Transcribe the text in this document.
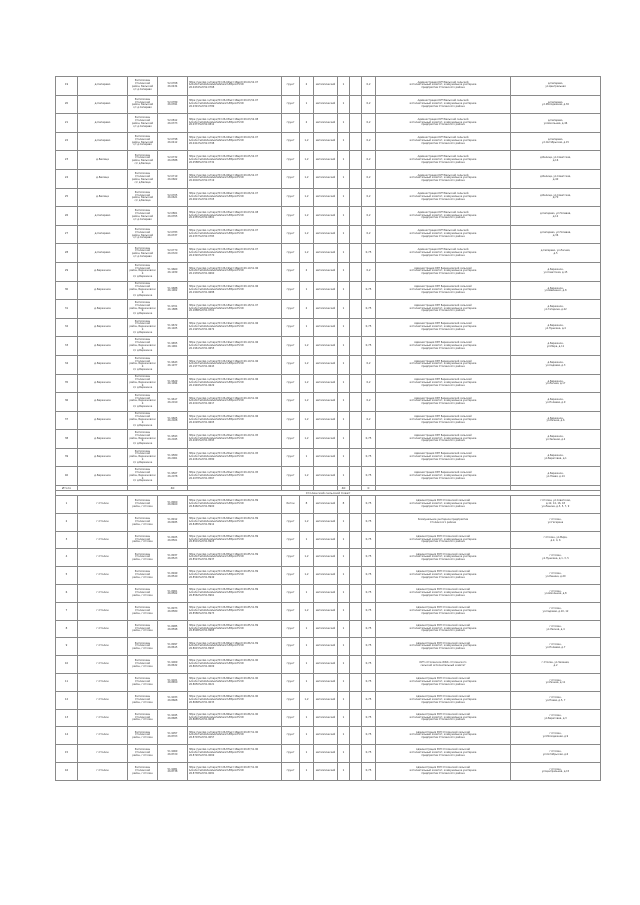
19	д.Сепарево	Расположен
Столинский
район, Бельский
с/с д.Сепарево	52.0768
26.0434	https://yandex.ru/maps/?ll=26.04&z=16&pt=26.04,52.07
&mode=whatshere&whatshere%5Bpoint%5D
26.0434%2C52.0768	грунт	2	металлический	1		0,2	Администрация КУП Бельский сельский
исполнительный комитет, коммунальное унитарное
предприятие Столинского района	д.Сепарево,
ул.Центральная
20	д.Сепарево	Расположен
Столинский
район, Бельский
с/с д.Сепарево	52.0789
26.0391	https://yandex.ru/maps/?ll=26.03&z=16&pt=26.03,52.07
&mode=whatshere&whatshere%5Bpoint%5D
26.0391%2C52.0789	грунт	1	металлический	1		0,2	Администрация КУП Бельский сельский
исполнительный комитет, коммунальное унитарное
предприятие Столинского района	д.Сепарево,
ул.Молодежная, д.30
21	д.Сепарево	Расположен
Столинский
район, Бельский
с/с д.Сепарево	52.0812
26.0373	https://yandex.ru/maps/?ll=26.03&z=16&pt=26.03,52.08
&mode=whatshere&whatshere%5Bpoint%5D
26.0373%2C52.0812	грунт	2	металлический	1		0,2	Администрация КУП Бельский сельский
исполнительный комитет, коммунальное унитарное
предприятие Столинского района	д.Сепарево,
ул.Школьная, д.46
22	д.Сепарево	Расположен
Столинский
район, Бельский
с/с д.Сепарево	52.0798
26.0412	https://yandex.ru/maps/?ll=26.04&z=16&pt=26.04,52.07
&mode=whatshere&whatshere%5Bpoint%5D
26.0412%2C52.0798	грунт	1,2	металлический	1		0,2	Администрация КУП Бельский сельский
исполнительный комитет, коммунальное унитарное
предприятие Столинского района	д.Сепарево,
ул.Октябрьская, д.15
23	д.Белица	Расположен
Столинский
район, Бельский
с/с д.Белица	52.0732
26.0588	https://yandex.ru/maps/?ll=26.05&z=16&pt=26.05,52.07
&mode=whatshere&whatshere%5Bpoint%5D
26.0588%2C52.0732	грунт	1,2	металлический	1		0,2	Администрация КУП Бельский сельский
исполнительный комитет, коммунальное унитарное
предприятие Столинского района	д.Белица, ул.Советская,
д.16
24	д.Белица	Расположен
Столинский
район, Бельский
с/с д.Белица	52.0719
26.0602	https://yandex.ru/maps/?ll=26.06&z=16&pt=26.06,52.07
&mode=whatshere&whatshere%5Bpoint%5D
26.0602%2C52.0719	грунт	1,2	металлический	1		0,2	Администрация КУП Бельский сельский
исполнительный комитет, коммунальное унитарное
предприятие Столинского района	д.Белица, ул.Советская,
д.40
25	д.Белица	Расположен
Столинский
район, Бельский
с/с д.Белица	52.0705
26.0621	https://yandex.ru/maps/?ll=26.06&z=16&pt=26.06,52.07
&mode=whatshere&whatshere%5Bpoint%5D
26.0621%2C52.0705	грунт	1,2	металлический	1		0,2	Администрация КУП Бельский сельский
исполнительный комитет, коммунальное унитарное
предприятие Столинского района	д.Белица, ул.Советская,
д.70
26	д.Сепарево	Расположен
Столинский
район, Бельский
с/с д.Сепарево	52.0801
26.0355	https://yandex.ru/maps/?ll=26.03&z=16&pt=26.03,52.08
&mode=whatshere&whatshere%5Bpoint%5D
26.0355%2C52.0801	грунт	1,2	металлический	1		0,2	Администрация КУП Бельский сельский
исполнительный комитет, коммунальное унитарное
предприятие Столинского района	д.Сепарево, ул.Полевая,
д.12
27	д.Сепарево	Расположен
Столинский
район, Бельский
с/с д.Сепарево	52.0783
26.0337	https://yandex.ru/maps/?ll=26.03&z=16&pt=26.03,52.07
&mode=whatshere&whatshere%5Bpoint%5D
26.0337%2C52.0783	грунт	1,2	металлический	1		0,2	Администрация КУП Бельский сельский
исполнительный комитет, коммунальное унитарное
предприятие Столинского района	д.Сепарево, ул.Полевая,
д.36
28	д.Сепарево	Расположен
Столинский
район, Бельский
с/с д.Сепарево	52.0770
26.0320	https://yandex.ru/maps/?ll=26.03&z=16&pt=26.03,52.07
&mode=whatshere&whatshere%5Bpoint%5D
26.0320%2C52.0770	грунт	1,2	металлический	1		0,75	Администрация КУП Бельский сельский
исполнительный комитет, коммунальное унитарное
предприятие Столинского района	д.Сепарево, ул.Лесная,
д.5
29	д.Бережное	Расположен
Столинский
район, Бережновский
с/с д.Бережное	51.9660
26.1939	https://yandex.ru/maps/?ll=26.19&z=16&pt=26.19,51.96
&mode=whatshere&whatshere%5Bpoint%5D
26.1939%2C51.9660	грунт	2	металлический	1		0,2	Администрация КУП Бережновский сельский
исполнительный комитет, коммунальное унитарное
предприятие Столинского района	д.Бережное,
ул.Советская, д.15
30	д.Бережное	Расположен
Столинский
район, Бережновский
с/с д.Бережное	51.9688
26.1902	https://yandex.ru/maps/?ll=26.19&z=16&pt=26.19,51.96
&mode=whatshere&whatshere%5Bpoint%5D
26.1902%2C51.9688	грунт	1	металлический	1		0,75	Администрация КУП Бережновский сельский
исполнительный комитет, коммунальное унитарное
предприятие Столинского района	д.Бережное,
ул.Шевченко, д.8
31	д.Бережное	Расположен
Столинский
район, Бережновский
с/с д.Бережное	51.9701
26.1888	https://yandex.ru/maps/?ll=26.18&z=16&pt=26.18,51.97
&mode=whatshere&whatshere%5Bpoint%5D
26.1888%2C51.9701	грунт	2	металлический	1		0,75	Администрация КУП Бережновский сельский
исполнительный комитет, коммунальное унитарное
предприятие Столинского района	д.Бережное,
ул.Гагарина, д.22
32	д.Бережное	Расположен
Столинский
район, Бережновский
с/с д.Бережное	51.9672
26.1925	https://yandex.ru/maps/?ll=26.19&z=16&pt=26.19,51.96
&mode=whatshere&whatshere%5Bpoint%5D
26.1925%2C51.9672	грунт	1	металлический	1		0,75	Администрация КУП Бережновский сельский
исполнительный комитет, коммунальное унитарное
предприятие Столинского района	д.Бережное,
ул.Пушкина, д.4
33	д.Бережное	Расположен
Столинский
район, Бережновский
с/с д.Бережное	51.9655
26.1961	https://yandex.ru/maps/?ll=26.19&z=16&pt=26.19,51.96
&mode=whatshere&whatshere%5Bpoint%5D
26.1961%2C51.9655	грунт	1,2	металлический	1		0,75	Администрация КУП Бережновский сельский
исполнительный комитет, коммунальное унитарное
предприятие Столинского района	д.Бережное,
ул.Мира, д.11
34	д.Бережное	Расположен
Столинский
район, Бережновский
с/с д.Бережное	51.9643
26.1977	https://yandex.ru/maps/?ll=26.19&z=16&pt=26.19,51.96
&mode=whatshere&whatshere%5Bpoint%5D
26.1977%2C51.9643	грунт	1,2	металлический	1		0,2	Администрация КУП Бережновский сельский
исполнительный комитет, коммунальное унитарное
предприятие Столинского района	д.Бережное,
ул.Садовая, д.3
35	д.Бережное	Расположен
Столинский
район, Бережновский
с/с д.Бережное	51.9629
26.1994	https://yandex.ru/maps/?ll=26.19&z=16&pt=26.19,51.96
&mode=whatshere&whatshere%5Bpoint%5D
26.1994%2C51.9629	грунт	1,2	металлический	1		0,2	Администрация КУП Бережновский сельский
исполнительный комитет, коммунальное унитарное
предприятие Столинского района	д.Бережное,
ул.Лесная, д.17
36	д.Бережное	Расположен
Столинский
район, Бережновский
с/с д.Бережное	51.9617
26.2010	https://yandex.ru/maps/?ll=26.20&z=16&pt=26.20,51.96
&mode=whatshere&whatshere%5Bpoint%5D
26.2010%2C51.9617	грунт	1,2	металлический	1		0,2	Администрация КУП Бережновский сельский
исполнительный комитет, коммунальное унитарное
предприятие Столинского района	д.Бережное,
ул.Полевая, д.9
37	д.Бережное	Расположен
Столинский
район, Бережновский
с/с д.Бережное	51.9605
26.2028	https://yandex.ru/maps/?ll=26.20&z=16&pt=26.20,51.96
&mode=whatshere&whatshere%5Bpoint%5D
26.2028%2C51.9605	грунт	1,2	металлический	1		0,2	Администрация КУП Бережновский сельский
исполнительный комитет, коммунальное унитарное
предприятие Столинского района	д.Бережное,
ул.Речная, д.6
38	д.Бережное	Расположен
Столинский
район, Бережновский
с/с д.Бережное	51.9593
26.2045	https://yandex.ru/maps/?ll=26.20&z=16&pt=26.20,51.95
&mode=whatshere&whatshere%5Bpoint%5D
26.2045%2C51.9593	грунт	1,2	металлический	1		0,75	Администрация КУП Бережновский сельский
исполнительный комитет, коммунальное унитарное
предприятие Столинского района	д.Бережное,
ул.Зеленая, д.2
39	д.Бережное	Расположен
Столинский
район, Бережновский
с/с д.Бережное	51.9580
26.2061	https://yandex.ru/maps/?ll=26.20&z=16&pt=26.20,51.95
&mode=whatshere&whatshere%5Bpoint%5D
26.2061%2C51.9580	грунт	1	металлический	1		0,75	Администрация КУП Бережновский сельский
исполнительный комитет, коммунальное унитарное
предприятие Столинского района	д.Бережное,
ул.Береговая, д.1
40	д.Бережное	Расположен
Столинский
район, Бережновский
с/с д.Бережное	51.9567
26.2078	https://yandex.ru/maps/?ll=26.20&z=16&pt=26.20,51.95
&mode=whatshere&whatshere%5Bpoint%5D
26.2078%2C51.9567	грунт	1,2	металлический	1		0,75	Администрация КУП Бережновский сельский
исполнительный комитет, коммунальное унитарное
предприятие Столинского района	д.Бережное,
ул.Новая, д.14
Итого			40					40		0		
Столинский сельский Совет												
1	г.Столин	Расположен
Столинский
район, г.Столин	51.8900
26.8460	https://yandex.ru/maps/?ll=26.84&z=16&pt=26.84,51.89
&mode=whatshere&whatshere%5Bpoint%5D
26.8460%2C51.8900	бетон	8	металлический	8		0,75	Администрация КУП Столинский сельский
исполнительный комитет, коммунальное унитарное
предприятие Столинского района	г.Столин, ул.Советская,
д.12, 14, 16, 18
ул.Ленина, д.3, 5, 7, 9
2	г.Столин	Расположен
Столинский
район, г.Столин	51.8912
26.8485	https://yandex.ru/maps/?ll=26.84&z=16&pt=26.84,51.89
&mode=whatshere&whatshere%5Bpoint%5D
26.8485%2C51.8912	грунт	1,2	металлический	1		0,75	Коммунальное унитарное предприятие
Столинского района	г.Столин,
ул.Гагарина
3	г.Столин	Расположен
Столинский
район, г.Столин	51.8925
26.8501	https://yandex.ru/maps/?ll=26.85&z=16&pt=26.85,51.89
&mode=whatshere&whatshere%5Bpoint%5D
26.8501%2C51.8925	грунт	1	металлический	1		0,75	Администрация КУП Столинский сельский
исполнительный комитет, коммунальное унитарное
предприятие Столинского района	г.Столин, ул.Мира,
д.2, 4, 6
4	г.Столин	Расположен
Столинский
район, г.Столин	51.8937
26.8523	https://yandex.ru/maps/?ll=26.85&z=16&pt=26.85,51.89
&mode=whatshere&whatshere%5Bpoint%5D
26.8523%2C51.8937	грунт	1,2	металлический	1		0,75	Администрация КУП Столинский сельский
исполнительный комитет, коммунальное унитарное
предприятие Столинского района	г.Столин,
ул.Пушкина, д.1, 3, 5
5	г.Столин	Расположен
Столинский
район, г.Столин	51.8949
26.8540	https://yandex.ru/maps/?ll=26.85&z=16&pt=26.85,51.89
&mode=whatshere&whatshere%5Bpoint%5D
26.8540%2C51.8949	грунт	1,2	металлический	1		0,75	Администрация КУП Столинский сельский
исполнительный комитет, коммунальное унитарное
предприятие Столинского района	г.Столин,
ул.Ленина, д.20
6	г.Столин	Расположен
Столинский
район, г.Столин	51.8961
26.8562	https://yandex.ru/maps/?ll=26.85&z=16&pt=26.85,51.89
&mode=whatshere&whatshere%5Bpoint%5D
26.8562%2C51.8961	грунт	1	металлический	1		0,75	Администрация КУП Столинский сельский
исполнительный комитет, коммунальное унитарное
предприятие Столинского района	г.Столин,
ул.Школьная, д.8
7	г.Столин	Расположен
Столинский
район, г.Столин	51.8973
26.8580	https://yandex.ru/maps/?ll=26.85&z=16&pt=26.85,51.89
&mode=whatshere&whatshere%5Bpoint%5D
26.8580%2C51.8973	грунт	1,2	металлический	1		0,75	Администрация КУП Столинский сельский
исполнительный комитет, коммунальное унитарное
предприятие Столинского района	г.Столин,
ул.Садовая, д.10, 12
8	г.Столин	Расположен
Столинский
район, г.Столин	51.8985
26.8598	https://yandex.ru/maps/?ll=26.85&z=16&pt=26.85,51.89
&mode=whatshere&whatshere%5Bpoint%5D
26.8598%2C51.8985	грунт	1	металлический	1		0,75	Администрация КУП Столинский сельский
исполнительный комитет, коммунальное унитарное
предприятие Столинского района	г.Столин,
ул.Лесная, д.4
9	г.Столин	Расположен
Столинский
район, г.Столин	51.8997
26.8615	https://yandex.ru/maps/?ll=26.86&z=16&pt=26.86,51.89
&mode=whatshere&whatshere%5Bpoint%5D
26.8615%2C51.8997	грунт	1	металлический	1		0,75	Администрация КУП Столинский сельский
исполнительный комитет, коммунальное унитарное
предприятие Столинского района	г.Столин,
ул.Полевая, д.7
10	г.Столин	Расположен
Столинский
район, г.Столин	51.9009
26.8632	https://yandex.ru/maps/?ll=26.86&z=16&pt=26.86,51.90
&mode=whatshere&whatshere%5Bpoint%5D
26.8632%2C51.9009	грунт	1	металлический	1		0,75	КУП «Столинское ЖКХ» Столинского
сельский исполнительный комитет	г.Столин, ул.Зеленая,
д.2
11	г.Столин	Расположен
Столинский
район, г.Столин	51.9021
26.8650	https://yandex.ru/maps/?ll=26.86&z=16&pt=26.86,51.90
&mode=whatshere&whatshere%5Bpoint%5D
26.8650%2C51.9021	грунт	1	металлический	1		0,75	Администрация КУП Столинский сельский
исполнительный комитет, коммунальное унитарное
предприятие Столинского района	г.Столин,
ул.Речная, д.11
12	г.Столин	Расположен
Столинский
район, г.Столин	51.9033
26.8668	https://yandex.ru/maps/?ll=26.86&z=16&pt=26.86,51.90
&mode=whatshere&whatshere%5Bpoint%5D
26.8668%2C51.9033	грунт	1,2	металлический	1		0,75	Администрация КУП Столинский сельский
исполнительный комитет, коммунальное унитарное
предприятие Столинского района	г.Столин,
ул.Новая, д.5, 7
13	г.Столин	Расположен
Столинский
район, г.Столин	51.9045
26.8685	https://yandex.ru/maps/?ll=26.86&z=16&pt=26.86,51.90
&mode=whatshere&whatshere%5Bpoint%5D
26.8685%2C51.9045	грунт	1	металлический	1		0,75	Администрация КУП Столинский сельский
исполнительный комитет, коммунальное унитарное
предприятие Столинского района	г.Столин,
ул.Береговая, д.3
14	г.Столин	Расположен
Столинский
район, г.Столин	51.9057
26.8703	https://yandex.ru/maps/?ll=26.87&z=16&pt=26.87,51.90
&mode=whatshere&whatshere%5Bpoint%5D
26.8703%2C51.9057	грунт	1	металлический	1		0,75	Администрация КУП Столинский сельский
исполнительный комитет, коммунальное унитарное
предприятие Столинского района	г.Столин,
ул.Молодежная, д.9
15	г.Столин	Расположен
Столинский
район, г.Столин	51.9069
26.8720	https://yandex.ru/maps/?ll=26.87&z=16&pt=26.87,51.90
&mode=whatshere&whatshere%5Bpoint%5D
26.8720%2C51.9069	грунт	1	металлический	1		0,75	Администрация КУП Столинский сельский
исполнительный комитет, коммунальное унитарное
предприятие Столинского района	г.Столин,
ул.Октябрьская, д.6
16	г.Столин	Расположен
Столинский
район, г.Столин	51.9081
26.8738	https://yandex.ru/maps/?ll=26.87&z=16&pt=26.87,51.90
&mode=whatshere&whatshere%5Bpoint%5D
26.8738%2C51.9081	грунт	1	металлический	1		0,75	Администрация КУП Столинский сельский
исполнительный комитет, коммунальное унитарное
предприятие Столинского района	г.Столин,
ул.Центральная, д.15
